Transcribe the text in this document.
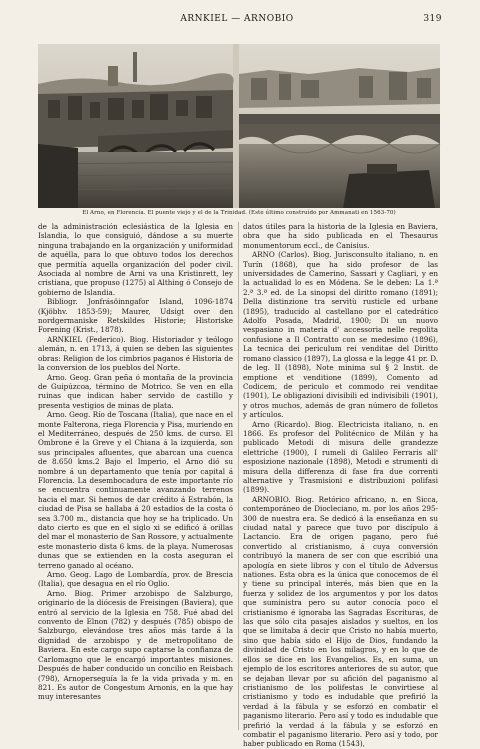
ARNKIEL — ARNOBIO	319
El Arno, en Florencia. El puente viejo y el de la Trinidad. (Este último construído por Ammanati en 1563-70)

de la administración eclesiástica de la Iglesia en Islandia, lo que consiguió, dándose a su muerte ninguna trabajando en la organización y uniformidad de aquélla, para lo que obtuvo todos los derechos que permitía aquella organización del poder civil. Asociada al nombre de Arni va una Kristinrett, ley cristiana, que propuso (1275) al Althing ó Consejo de gobierno de Islandia.

Bibliogr. Jonfrásöinngafor Island, 1096-1874 (Kjöbhv. 1853-59); Maurer, Udsigt over den nordgermaniske Retskildes Historie; Historiske Forening (Krist., 1878).

ARNKIEL (Federico). Biog. Historiador y teólogo alemán, n. en 1713, á quien se deben las siguientes obras: Religion de los cimbrios paganos é Historia de la conversion de los pueblos del Norte.

Arno. Geog. Gran peña ó montaña de la provincia de Guipúzcoa, término de Motrico. Se ven en ella ruinas que indican haber servido de castillo y presenta vestigios de minas de plata.

Arno. Geog. Río de Toscana (Italia), que nace en el monte Falterona, riega Florencia y Pisa, muriendo en el Mediterráneo, después de 250 kms. de curso. El Ombrone é la Greve y el Chiana á la izquierda, son sus principales afluentes, que abarcan una cuenca de 8.650 kms.2 Bajo el Imperio, el Arno dió su nombre á un departamento que tenía por capital á Florencia. La desembocadura de este importante río se encuentra continuamente avanzando terrenos hacia el mar. Si hemos de dar crédito á Estrabón, la ciudad de Pisa se hallaba á 20 estadios de la costa ó sea 3.700 m., distancia que hoy se ha triplicado. Un dato cierto es que en el siglo xi se edificó á orillas del mar el monasterio de San Rossore, y actualmente este monasterio dista 6 kms. de la playa. Numerosas dunas que se extienden en la costa aseguran el terreno ganado al océano.

Arno. Geog. Lago de Lombardía, prov. de Brescia (Italia), que desagua en el río Oglio.

Arno. Biog. Primer arzobispo de Salzburgo, originario de la diócesis de Freisingen (Baviera), que entró al servicio de la Iglesia en 758. Fué abad del convento de Elnon (782) y después (785) obispo de Salzburgo, elevándose tres años más tarde á la dignidad de arzobispo y de metropolitano de Baviera. En este cargo supo captarse la confianza de Carlomagno que le encargó importantes misiones. Después de haber conducido un concilio en Reisbach (798), Arnoperseguía la fe la vida privada y m. en 821. Es autor de Congestum Arnonis, en la que hay muy interesantes

datos útiles para la historia de la Iglesia en Baviera, obra que ha sido publicada en el Thesaurus monumentorum eccl., de Canisius.

ARNO (Carlos). Biog. Jurisconsulto italiano, n. en Turín (1868), que ha sido profesor de las universidades de Camerino, Sassari y Cagliari, y en la actualidad lo es en Módena. Se le deben: La 1.ª 2.ª 3.ª ed. de La sinopsi del diritto romano (1891); Della distinzione tra servitù rusticle ed urbane (1895), traducido al castellano por el catedrático Adolfo Posada, Madrid, 1900; Di un nuovo vespasiano in materia d' accessoria nelle regolita confusione a Il Contratto con se medesimo (1896), La tecnica dei periculum rei venditae del Diritto romano classico (1897), La glossa e la legge 41 pr. D. de leg. II (1898), Note minima sul § 2 Instit. de emptione et venditione (1899), Comento ad Codicem, de periculo et commodo rei venditae (1901), Le obligazioni divisibili ed indivisibili (1901), y otros muchos, además de gran número de folletos y artículos.

Arno (Ricardo). Biog. Electricista italiano, n. en 1866. Es profesor del Politécnico de Milán y ha publicado Metodi di misura delle grandezze elettriche (1900), I rumeli di Galileo Ferraris all' esposizione nazionale (1898), Metodi e strumenti di misura della differenza di fase fra due correnti alternative y Trasmisioni e distribuzioni polifasi (1899).

ARNOBIO. Biog. Retórico africano, n. en Sicca, contemporáneo de Diocleciano, m. por los años 295-300 de nuestra era. Se dedicó á la enseñanza en su ciudad natal y parece que tuvo por discípulo á Lactancio. Era de origen pagano, pero fué convertido al cristianismo, á cuya conversión contribuyó la manera de ser con que escribió una apología en siete libros y con el título de Adversus nationes. Esta obra es la única que conocemos de él y tiene su principal interés, más bien que en la fuerza y solidez de los argumentos y por los datos que suministra pero su autor conocía poco el cristianismo é ignoraba las Sagradas Escrituras, de las que sólo cita pasajes aislados y sueltos, en los que se limitaba á decir que Cristo no había muerto, sino que había sido el Hijo de Dios, fundando la divinidad de Cristo en los milagros, y en lo que de ellos se dice en los Evangelios. Es, en suma, un ejemplo de los escritores anteriores de su autor, que se dejaban llevar por su afición del paganismo al cristianismo de los polifestas le convirtiese al cristianismo y todo es indudable que prefirió la verdad á la fábula y se esforzó en combatir el paganismo literario. Pero así y todo es indudable que prefirió la verdad á la fábula y se esforzó en combatir el paganismo literario. Pero así y todo, por haber publicado en Roma (1543),
